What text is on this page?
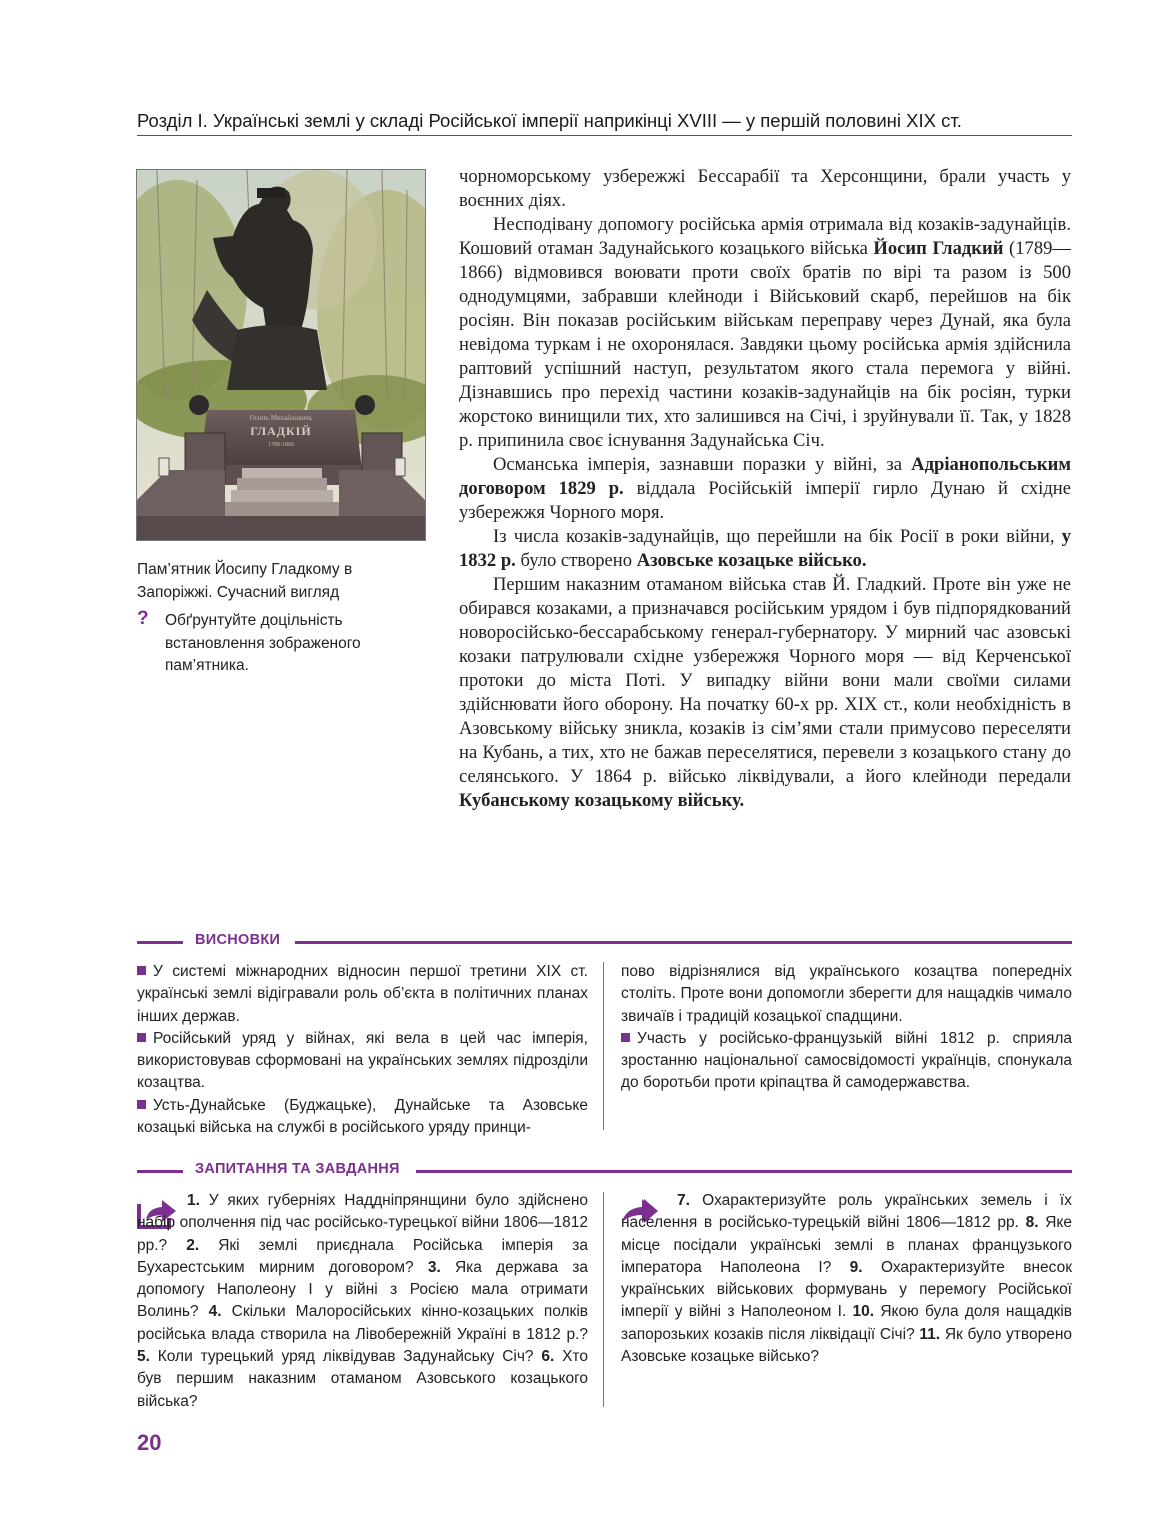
Розділ I. Українські землі у складі Російської імперії наприкінці XVIII — у першій половині XIX ст.
Осипъ Михайловичъ
ГЛАДКІЙ
1789-1866
Пам’ятник Йосипу Гладкому в Запоріжжі. Сучасний вигляд
? Обґрунтуйте доцільність встановлення зображеного пам’ятника.

чорноморському узбережжі Бессарабії та Херсонщини, брали участь у воєнних діях.

Несподівану допомогу російська армія отримала від козаків-задунайців. Кошовий отаман Задунайського козацького війська Йосип Гладкий (1789—1866) відмовився воювати проти своїх братів по вірі та разом із 500 однодумцями, забравши клейноди і Військовий скарб, перейшов на бік росіян. Він показав російським військам переправу через Дунай, яка була невідома туркам і не охоронялася. Завдяки цьому російська армія здійснила раптовий успішний наступ, результатом якого стала перемога у війні. Дізнавшись про перехід частини козаків-задунайців на бік росіян, турки жорстоко винищили тих, хто залишився на Січі, і зруйнували її. Так, у 1828 р. припинила своє існування Задунайська Січ.

Османська імперія, зазнавши поразки у війні, за Адріанопольським договором 1829 р. віддала Російській імперії гирло Дунаю й східне узбережжя Чорного моря.

Із числа козаків-задунайців, що перейшли на бік Росії в роки війни, у 1832 р. було створено Азовське козацьке військо.

Першим наказним отаманом війська став Й. Гладкий. Проте він уже не обирався козаками, а призначався російським урядом і був підпорядкований новоросійсько-бессарабському генерал-губернатору. У мирний час азовські козаки патрулювали східне узбережжя Чорного моря — від Керченської протоки до міста Поті. У випадку війни вони мали своїми силами здійснювати його оборону. На початку 60-х рр. XIX ст., коли необхідність в Азовському війську зникла, козаків із сім’ями стали примусово переселяти на Кубань, а тих, хто не бажав переселятися, перевели з козацького стану до селянського. У 1864 р. військо ліквідували, а його клейноди передали Кубанському козацькому війську.

ВИСНОВКИ

У системі міжнародних відносин першої третини XIX ст. українські землі відігравали роль об’єкта в політичних планах інших держав.

Російський уряд у війнах, які вела в цей час імперія, використовував сформовані на українських землях підрозділи козацтва.

Усть-Дунайське (Буджацьке), Дунайське та Азовське козацькі війська на службі в російського уряду принци-

пово відрізнялися від українського козацтва попередніх століть. Проте вони допомогли зберегти для нащадків чимало звичаїв і традицій козацької спадщини.

Участь у російсько-французькій війні 1812 р. сприяла зростанню національної самосвідомості українців, спонукала до боротьби проти кріпацтва й самодержавства.

ЗАПИТАННЯ ТА ЗАВДАННЯ

1. У яких губерніях Наддніпрянщини було здійснено набір ополчення під час російсько-турецької війни 1806—1812 рр.? 2. Які землі приєднала Російська імперія за Бухарестським мирним договором? 3. Яка держава за допомогу Наполеону I у війні з Росією мала отримати Волинь? 4. Скільки Малоросійських кінно-козацьких полків російська влада створила на Лівобережній Україні в 1812 р.? 5. Коли турецький уряд ліквідував Задунайську Січ? 6. Хто був першим наказним отаманом Азовського козацького війська?

7. Охарактеризуйте роль українських земель і їх населення в російсько-турецькій війні 1806—1812 рр. 8. Яке місце посідали українські землі в планах французького імператора Наполеона I? 9. Охарактеризуйте внесок українських військових формувань у перемогу Російської імперії у війні з Наполеоном I. 10. Якою була доля нащадків запорозьких козаків після ліквідації Січі? 11. Як було утворено Азовське козацьке військо?

20
